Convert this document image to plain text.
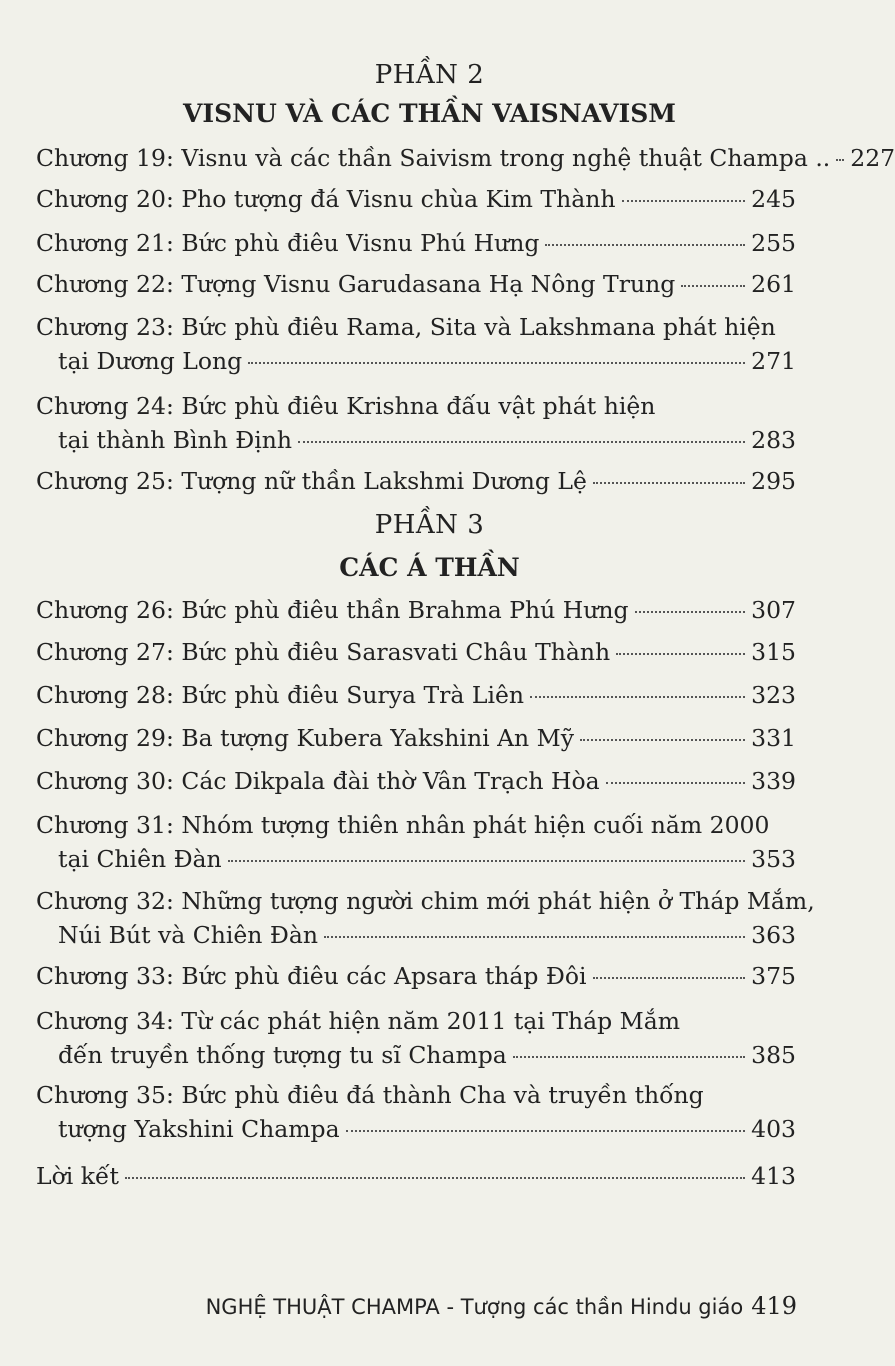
PHẦN 2
VISNU VÀ CÁC THẦN VAISNAVISM
Chương 19: Visnu và các thần Saivism trong nghệ thuật Champa .. 227
Chương 20: Pho tượng đá Visnu chùa Kim Thành	245
Chương 21: Bức phù điêu Visnu Phú Hưng	255
Chương 22: Tượng Visnu Garudasana Hạ Nông Trung	261
Chương 23: Bức phù điêu Rama, Sita và Lakshmana phát hiện
tại Dương Long	271
Chương 24: Bức phù điêu Krishna đấu vật phát hiện
tại thành Bình Định	283
Chương 25: Tượng nữ thần Lakshmi Dương Lệ	295
PHẦN 3
CÁC Á THẦN
Chương 26: Bức phù điêu thần Brahma Phú Hưng	307
Chương 27: Bức phù điêu Sarasvati Châu Thành	315
Chương 28: Bức phù điêu Surya Trà Liên	323
Chương 29: Ba tượng Kubera Yakshini An Mỹ	331
Chương 30: Các Dikpala đài thờ Vân Trạch Hòa	339
Chương 31: Nhóm tượng thiên nhân phát hiện cuối năm 2000
tại Chiên Đàn	353
Chương 32: Những tượng người chim mới phát hiện ở Tháp Mắm,
Núi Bút và Chiên Đàn	363
Chương 33: Bức phù điêu các Apsara tháp Đôi	375
Chương 34: Từ các phát hiện năm 2011 tại Tháp Mắm
đến truyền thống tượng tu sĩ Champa	385
Chương 35: Bức phù điêu đá thành Cha và truyền thống
tượng Yakshini Champa	403
Lời kết	413
NGHỆ THUẬT CHAMPA - Tượng các thần Hindu giáo 419
